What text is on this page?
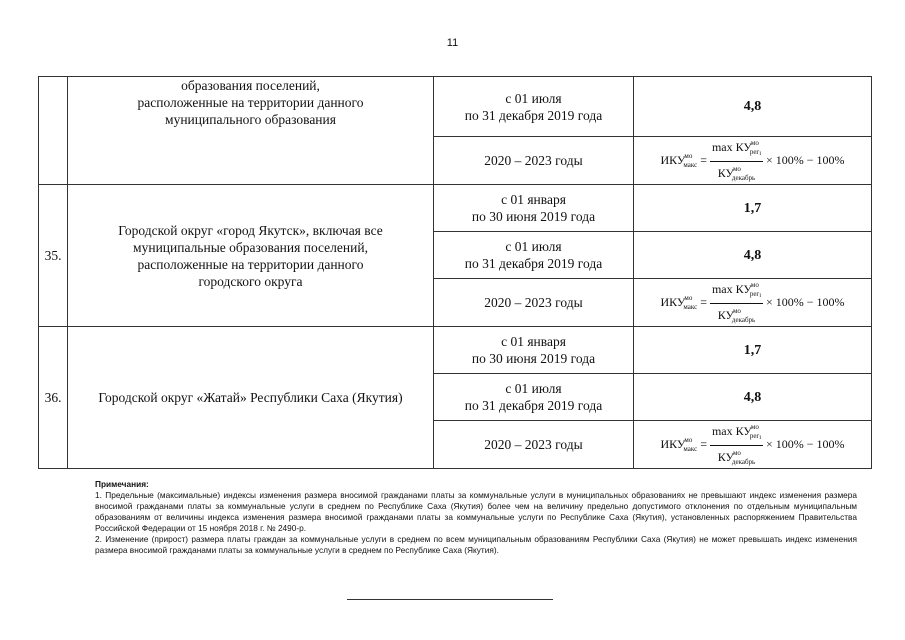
11
	образования поселений,
расположенные на территории данного
муниципального образования	с 01 июля
по 31 декабря 2019 года	4,8
		2020 – 2023 годы	$ИКУ^{мо}_{макс} = \frac{\max КУ^{мо}_{регi}}{КУ^{мо}_{декабрь}} \times 100\% - 100\%$

35.	Городской округ «город Якутск», включая все
муниципальные образования поселений,
расположенные на территории данного
городского округа	с 01 января
по 30 июня 2019 года	1,7
		с 01 июля
по 31 декабря 2019 года	4,8
		2020 – 2023 годы	$ИКУ^{мо}_{макс} = \frac{\max КУ^{мо}_{регi}}{КУ^{мо}_{декабрь}} \times 100\% - 100\%$

36.	Городской округ «Жатай» Республики Саха (Якутия)	с 01 января
по 30 июня 2019 года	1,7
		с 01 июля
по 31 декабря 2019 года	4,8
		2020 – 2023 годы	$ИКУ^{мо}_{макс} = \frac{\max КУ^{мо}_{регi}}{КУ^{мо}_{декабрь}} \times 100\% - 100\%$
Примечания:

1. Предельные (максимальные) индексы изменения размера вносимой гражданами платы за коммунальные услуги в муниципальных образованиях не превышают индекс изменения размера вносимой гражданами платы за коммунальные услуги в среднем по Республике Саха (Якутия) более чем на величину предельно допустимого отклонения по отдельным муниципальным образованиям от величины индекса изменения размера вносимой гражданами платы за коммунальные услуги по Республике Саха (Якутия), установленных распоряжением Правительства Российской Федерации от 15 ноября 2018 г. № 2490-р.

2. Изменение (прирост) размера платы граждан за коммунальные услуги в среднем по всем муниципальным образованиям Республики Саха (Якутия) не может превышать индекс изменения размера вносимой гражданами платы за коммунальные услуги в среднем по Республике Саха (Якутия).
